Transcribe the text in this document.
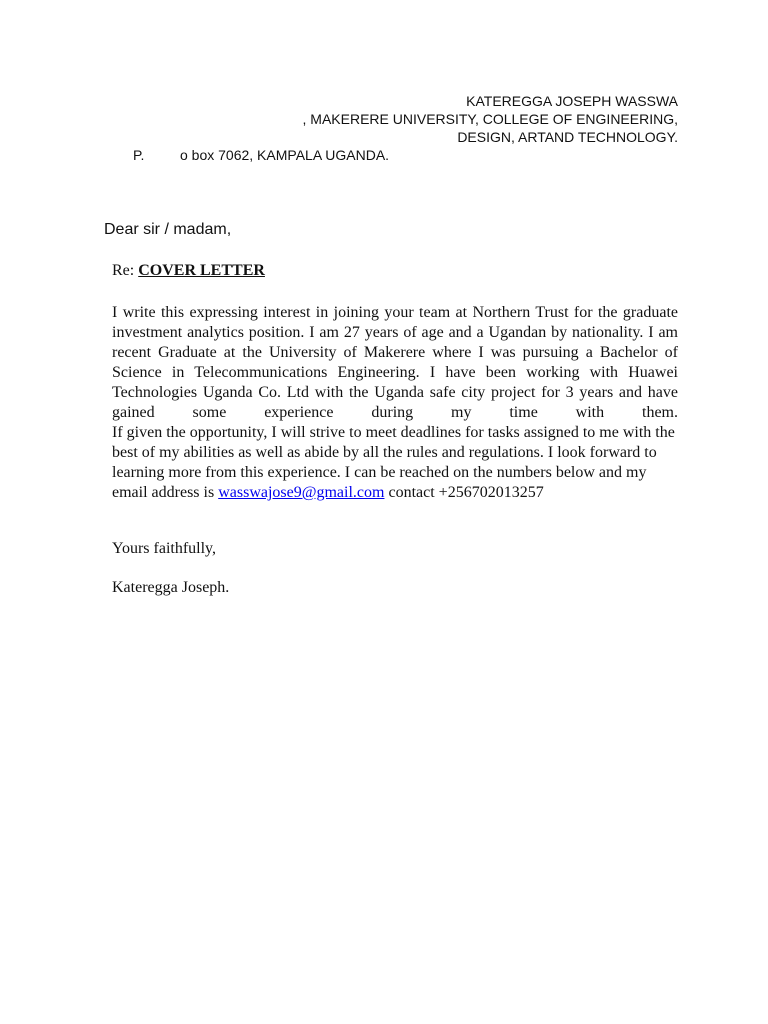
KATEREGGA JOSEPH WASSWA
, MAKERERE UNIVERSITY, COLLEGE OF ENGINEERING,
DESIGN, ARTAND TECHNOLOGY.
P.	o box 7062, KAMPALA UGANDA.
Dear sir / madam,
Re: COVER LETTER

I write this expressing interest in joining your team at Northern Trust for the graduate investment analytics position. I am 27 years of age and a Ugandan by nationality. I am recent Graduate at the University of Makerere where I was pursuing a Bachelor of Science in Telecommunications Engineering. I have been working with Huawei Technologies Uganda Co. Ltd with the Uganda safe city project for 3 years and have gained some experience during my time with them.

If given the opportunity, I will strive to meet deadlines for tasks assigned to me with the best of my abilities as well as abide by all the rules and regulations. I look forward to learning more from this experience. I can be reached on the numbers below and my email address is wasswajose9@gmail.com contact +256702013257

Yours faithfully,
Kateregga Joseph.
